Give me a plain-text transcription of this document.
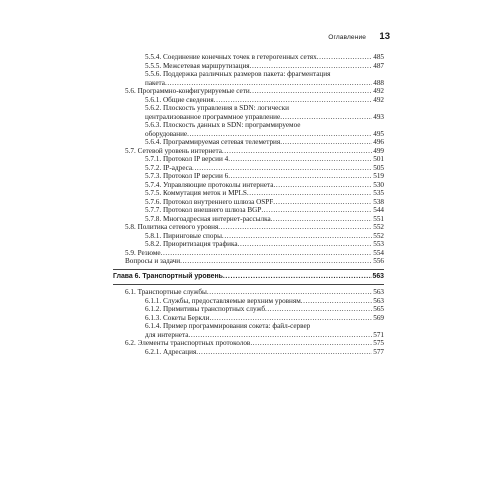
Оглавление 13
5.5.4. Соединение конечных точек в гетерогенных сетях .....	485
5.5.5. Межсетевая маршрутизация .....	487
5.5.6. Поддержка различных размеров пакета: фрагментация
пакета .....	488
5.6. Программно-конфигурируемые сети .....	492
5.6.1. Общие сведения .....	492
5.6.2. Плоскость управления в SDN: логически
централизованное программное управление .....	493
5.6.3. Плоскость данных в SDN: программируемое
оборудование .....	495
5.6.4. Программируемая сетевая телеметрия .....	496
5.7. Сетевой уровень интернета .....	499
5.7.1. Протокол IP версии 4 .....	501
5.7.2. IP-адреса .....	505
5.7.3. Протокол IP версии 6 .....	519
5.7.4. Управляющие протоколы интернета .....	530
5.7.5. Коммутация меток и MPLS .....	535
5.7.6. Протокол внутреннего шлюза OSPF .....	538
5.7.7. Протокол внешнего шлюза BGP .....	544
5.7.8. Многоадресная интернет-рассылка .....	551
5.8. Политика сетевого уровня .....	552
5.8.1. Пиринговые споры .....	552
5.8.2. Приоритизация трафика .....	553
5.9. Резюме .....	554
Вопросы и задачи .....	556
Глава 6. Транспортный уровень .....	563
6.1. Транспортные службы .....	563
6.1.1. Службы, предоставляемые верхним уровням .....	563
6.1.2. Примитивы транспортных служб .....	565
6.1.3. Сокеты Беркли .....	569
6.1.4. Пример программирования сокета: файл-сервер
для интернета .....	571
6.2. Элементы транспортных протоколов .....	575
6.2.1. Адресация .....	577
